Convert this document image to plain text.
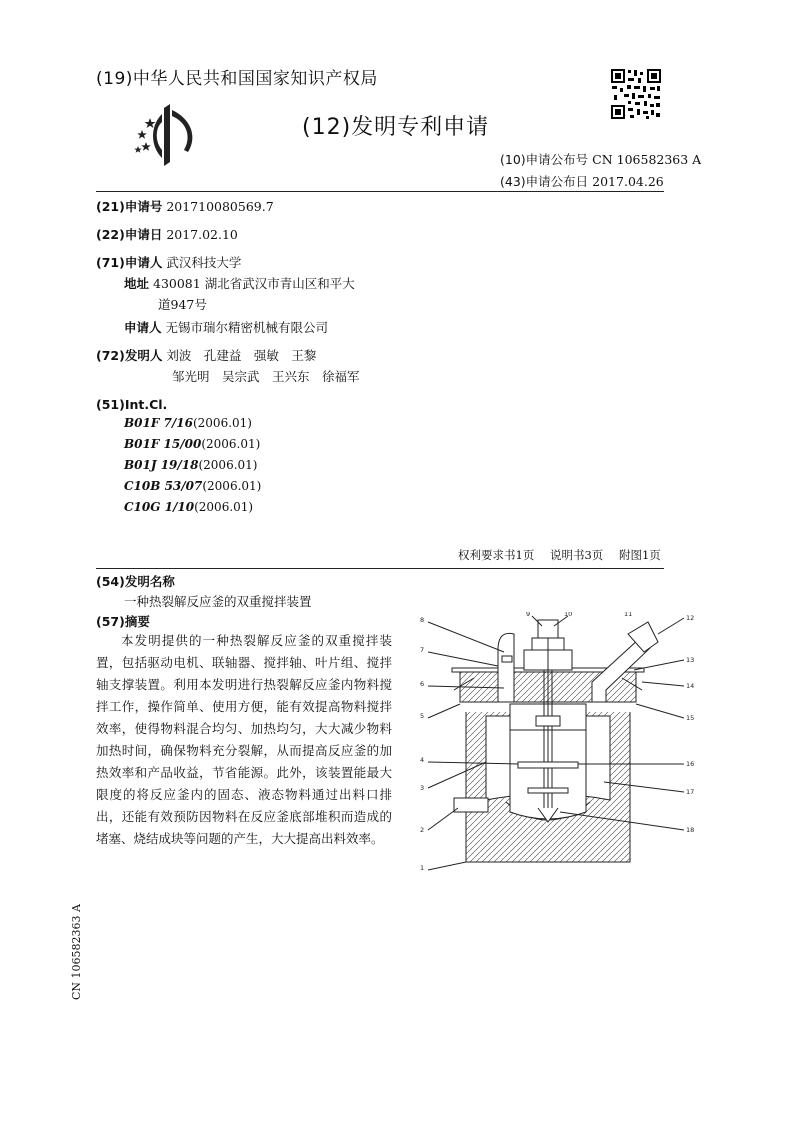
(19)中华人民共和国国家知识产权局
(12)发明专利申请
(10)申请公布号 CN 106582363 A
(43)申请公布日 2017.04.26
(21)申请号 201710080569.7
(22)申请日 2017.02.10
(71)申请人 武汉科技大学
地址 430081 湖北省武汉市青山区和平大
道947号
申请人 无锡市瑞尔精密机械有限公司
(72)发明人 刘波　孔建益　强敏　王黎
邹光明　吴宗武　王兴东　徐福军
(51)Int.Cl.
B01F 7/16(2006.01)
B01F 15/00(2006.01)
B01J 19/18(2006.01)
C10B 53/07(2006.01)
C10G 1/10(2006.01)
权利要求书1页 说明书3页 附图1页
(54)发明名称
一种热裂解反应釜的双重搅拌装置
(57)摘要
本发明提供的一种热裂解反应釜的双重搅拌装置，包括驱动电机、联轴器、搅拌轴、叶片组、搅拌轴支撑装置。利用本发明进行热裂解反应釜内物料搅拌工作，操作简单、使用方便，能有效提高物料搅拌效率，使得物料混合均匀、加热均匀，大大减少物料加热时间，确保物料充分裂解，从而提高反应釜的加热效率和产品收益，节省能源。此外，该装置能最大限度的将反应釜内的固态、液态物料通过出料口排出，还能有效预防因物料在反应釜底部堆积而造成的堵塞、烧结成块等问题的产生，大大提高出料效率。
8
7
6
5
4
3
2
1
9	10	11	12
13
14
15
16
17
18
CN 106582363 A
